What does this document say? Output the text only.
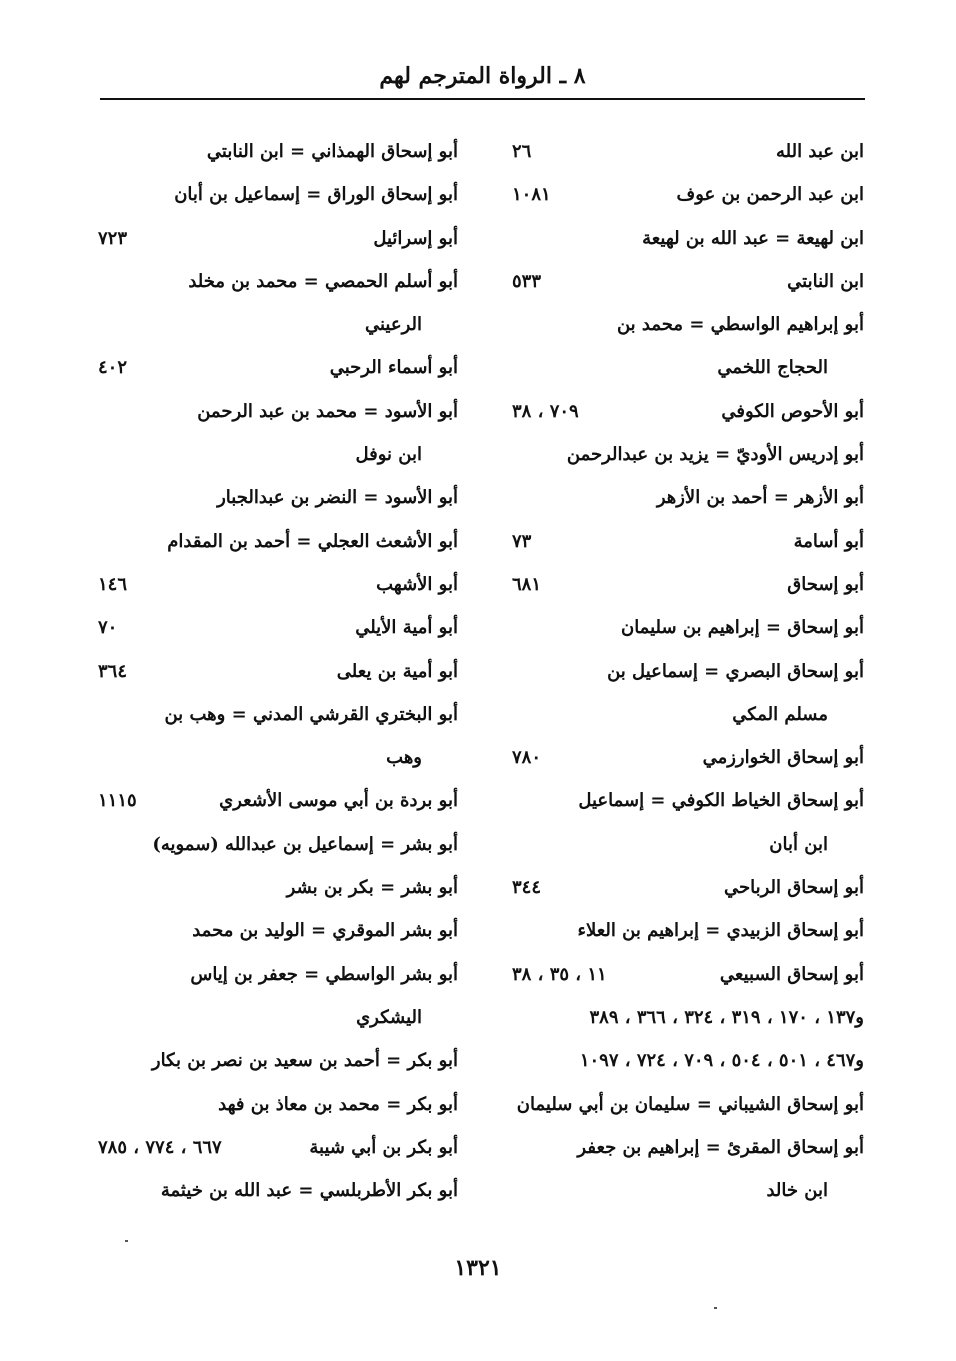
٨ ـ الرواة المترجم لهم
ابن عبد الله
٢٦
ابن عبد الرحمن بن عوف
١٠٨١
ابن لهيعة = عبد الله بن لهيعة
ابن النابتي
٥٣٣
أبو إبراهيم الواسطي = محمد بن
الحجاج اللخمي
أبو الأحوص الكوفي
٧٠٩ ، ٣٨
أبو إدريس الأوديّ = يزيد بن عبدالرحمن
أبو الأزهر = أحمد بن الأزهر
أبو أسامة
٧٣
أبو إسحاق
٦٨١
أبو إسحاق = إبراهيم بن سليمان
أبو إسحاق البصري = إسماعيل بن
مسلم المكي
أبو إسحاق الخوارزمي
٧٨٠
أبو إسحاق الخياط الكوفي = إسماعيل
ابن أبان
أبو إسحاق الرباحي
٣٤٤
أبو إسحاق الزبيدي = إبراهيم بن العلاء
أبو إسحاق السبيعي
١١ ، ٣٥ ، ٣٨
و١٣٧ ، ١٧٠ ، ٣١٩ ، ٣٢٤ ، ٣٦٦ ، ٣٨٩
و٤٦٧ ، ٥٠١ ، ٥٠٤ ، ٧٠٩ ، ٧٢٤ ، ١٠٩٧
أبو إسحاق الشيباني = سليمان بن أبي سليمان
أبو إسحاق المقرئ = إبراهيم بن جعفر
ابن خالد
أبو إسحاق الهمذاني = ابن النابتي
أبو إسحاق الوراق = إسماعيل بن أبان
أبو إسرائيل
٧٢٣
أبو أسلم الحمصي = محمد بن مخلد
الرعيني
أبو أسماء الرحبي
٤٠٢
أبو الأسود = محمد بن عبد الرحمن
ابن نوفل
أبو الأسود = النضر بن عبدالجبار
أبو الأشعث العجلي = أحمد بن المقدام
أبو الأشهب
١٤٦
أبو أمية الأيلي
٧٠
أبو أمية بن يعلى
٣٦٤
أبو البختري القرشي المدني = وهب بن
وهب
أبو بردة بن أبي موسى الأشعري
١١١٥
أبو بشر = إسماعيل بن عبدالله (سمويه)
أبو بشر = بكر بن بشر
أبو بشر الموقري = الوليد بن محمد
أبو بشر الواسطي = جعفر بن إياس
اليشكري
أبو بكر = أحمد بن سعيد بن نصر بن بكار
أبو بكر = محمد بن معاذ بن فهد
أبو بكر بن أبي شيبة
٦٦٧ ، ٧٧٤ ، ٧٨٥
أبو بكر الأطربلسي = عبد الله بن خيثمة
١٣٢١
